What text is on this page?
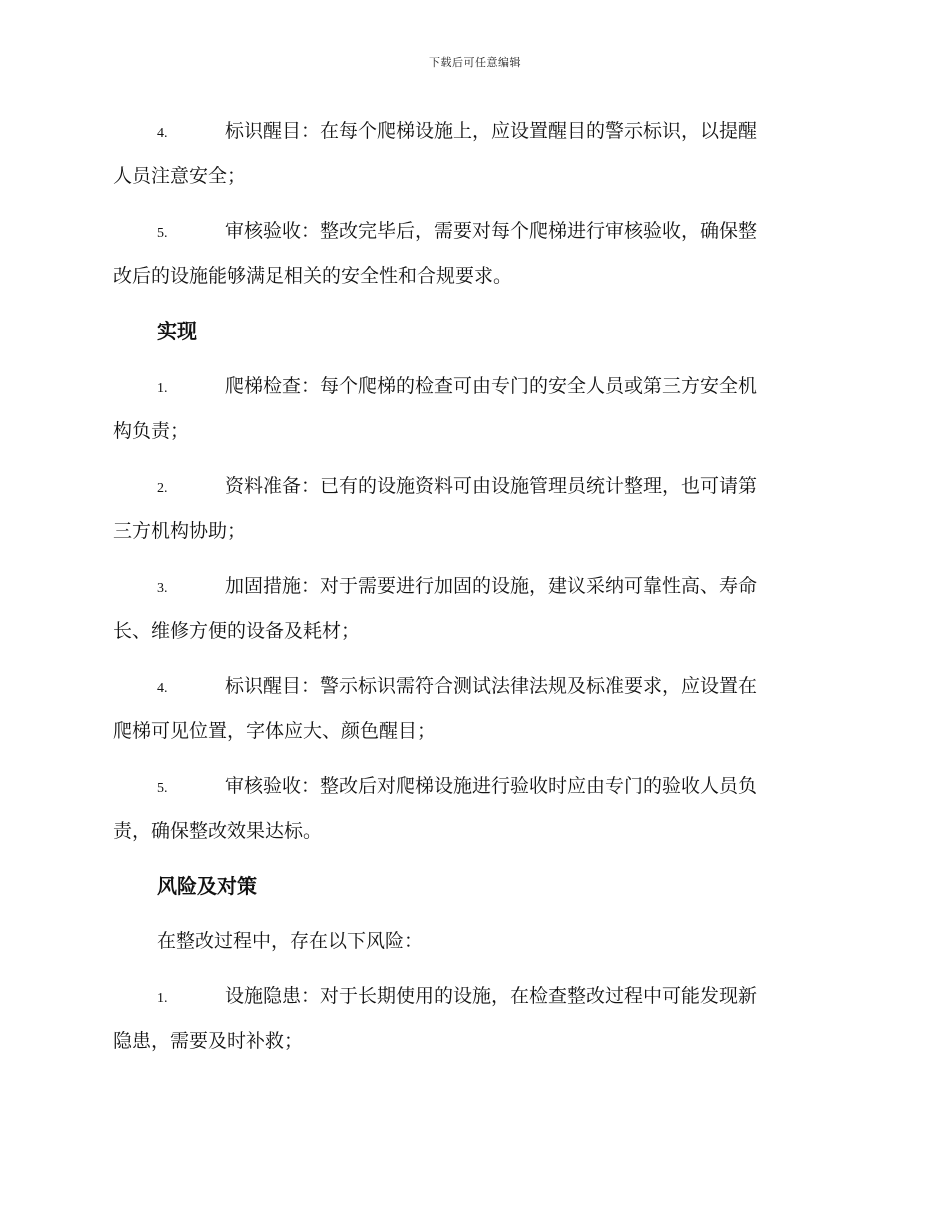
下载后可任意编辑
4.	标识醒目：在每个爬梯设施上，应设置醒目的警示标识，以提醒
人员注意安全；
5.	审核验收：整改完毕后，需要对每个爬梯进行审核验收，确保整
改后的设施能够满足相关的安全性和合规要求。
实现
1.	爬梯检查：每个爬梯的检查可由专门的安全人员或第三方安全机
构负责；
2.	资料准备：已有的设施资料可由设施管理员统计整理，也可请第
三方机构协助；
3.	加固措施：对于需要进行加固的设施，建议采纳可靠性高、寿命
长、维修方便的设备及耗材；
4.	标识醒目：警示标识需符合测试法律法规及标准要求，应设置在
爬梯可见位置，字体应大、颜色醒目；
5.	审核验收：整改后对爬梯设施进行验收时应由专门的验收人员负
责，确保整改效果达标。
风险及对策
在整改过程中，存在以下风险：
1.	设施隐患：对于长期使用的设施，在检查整改过程中可能发现新
隐患，需要及时补救；
